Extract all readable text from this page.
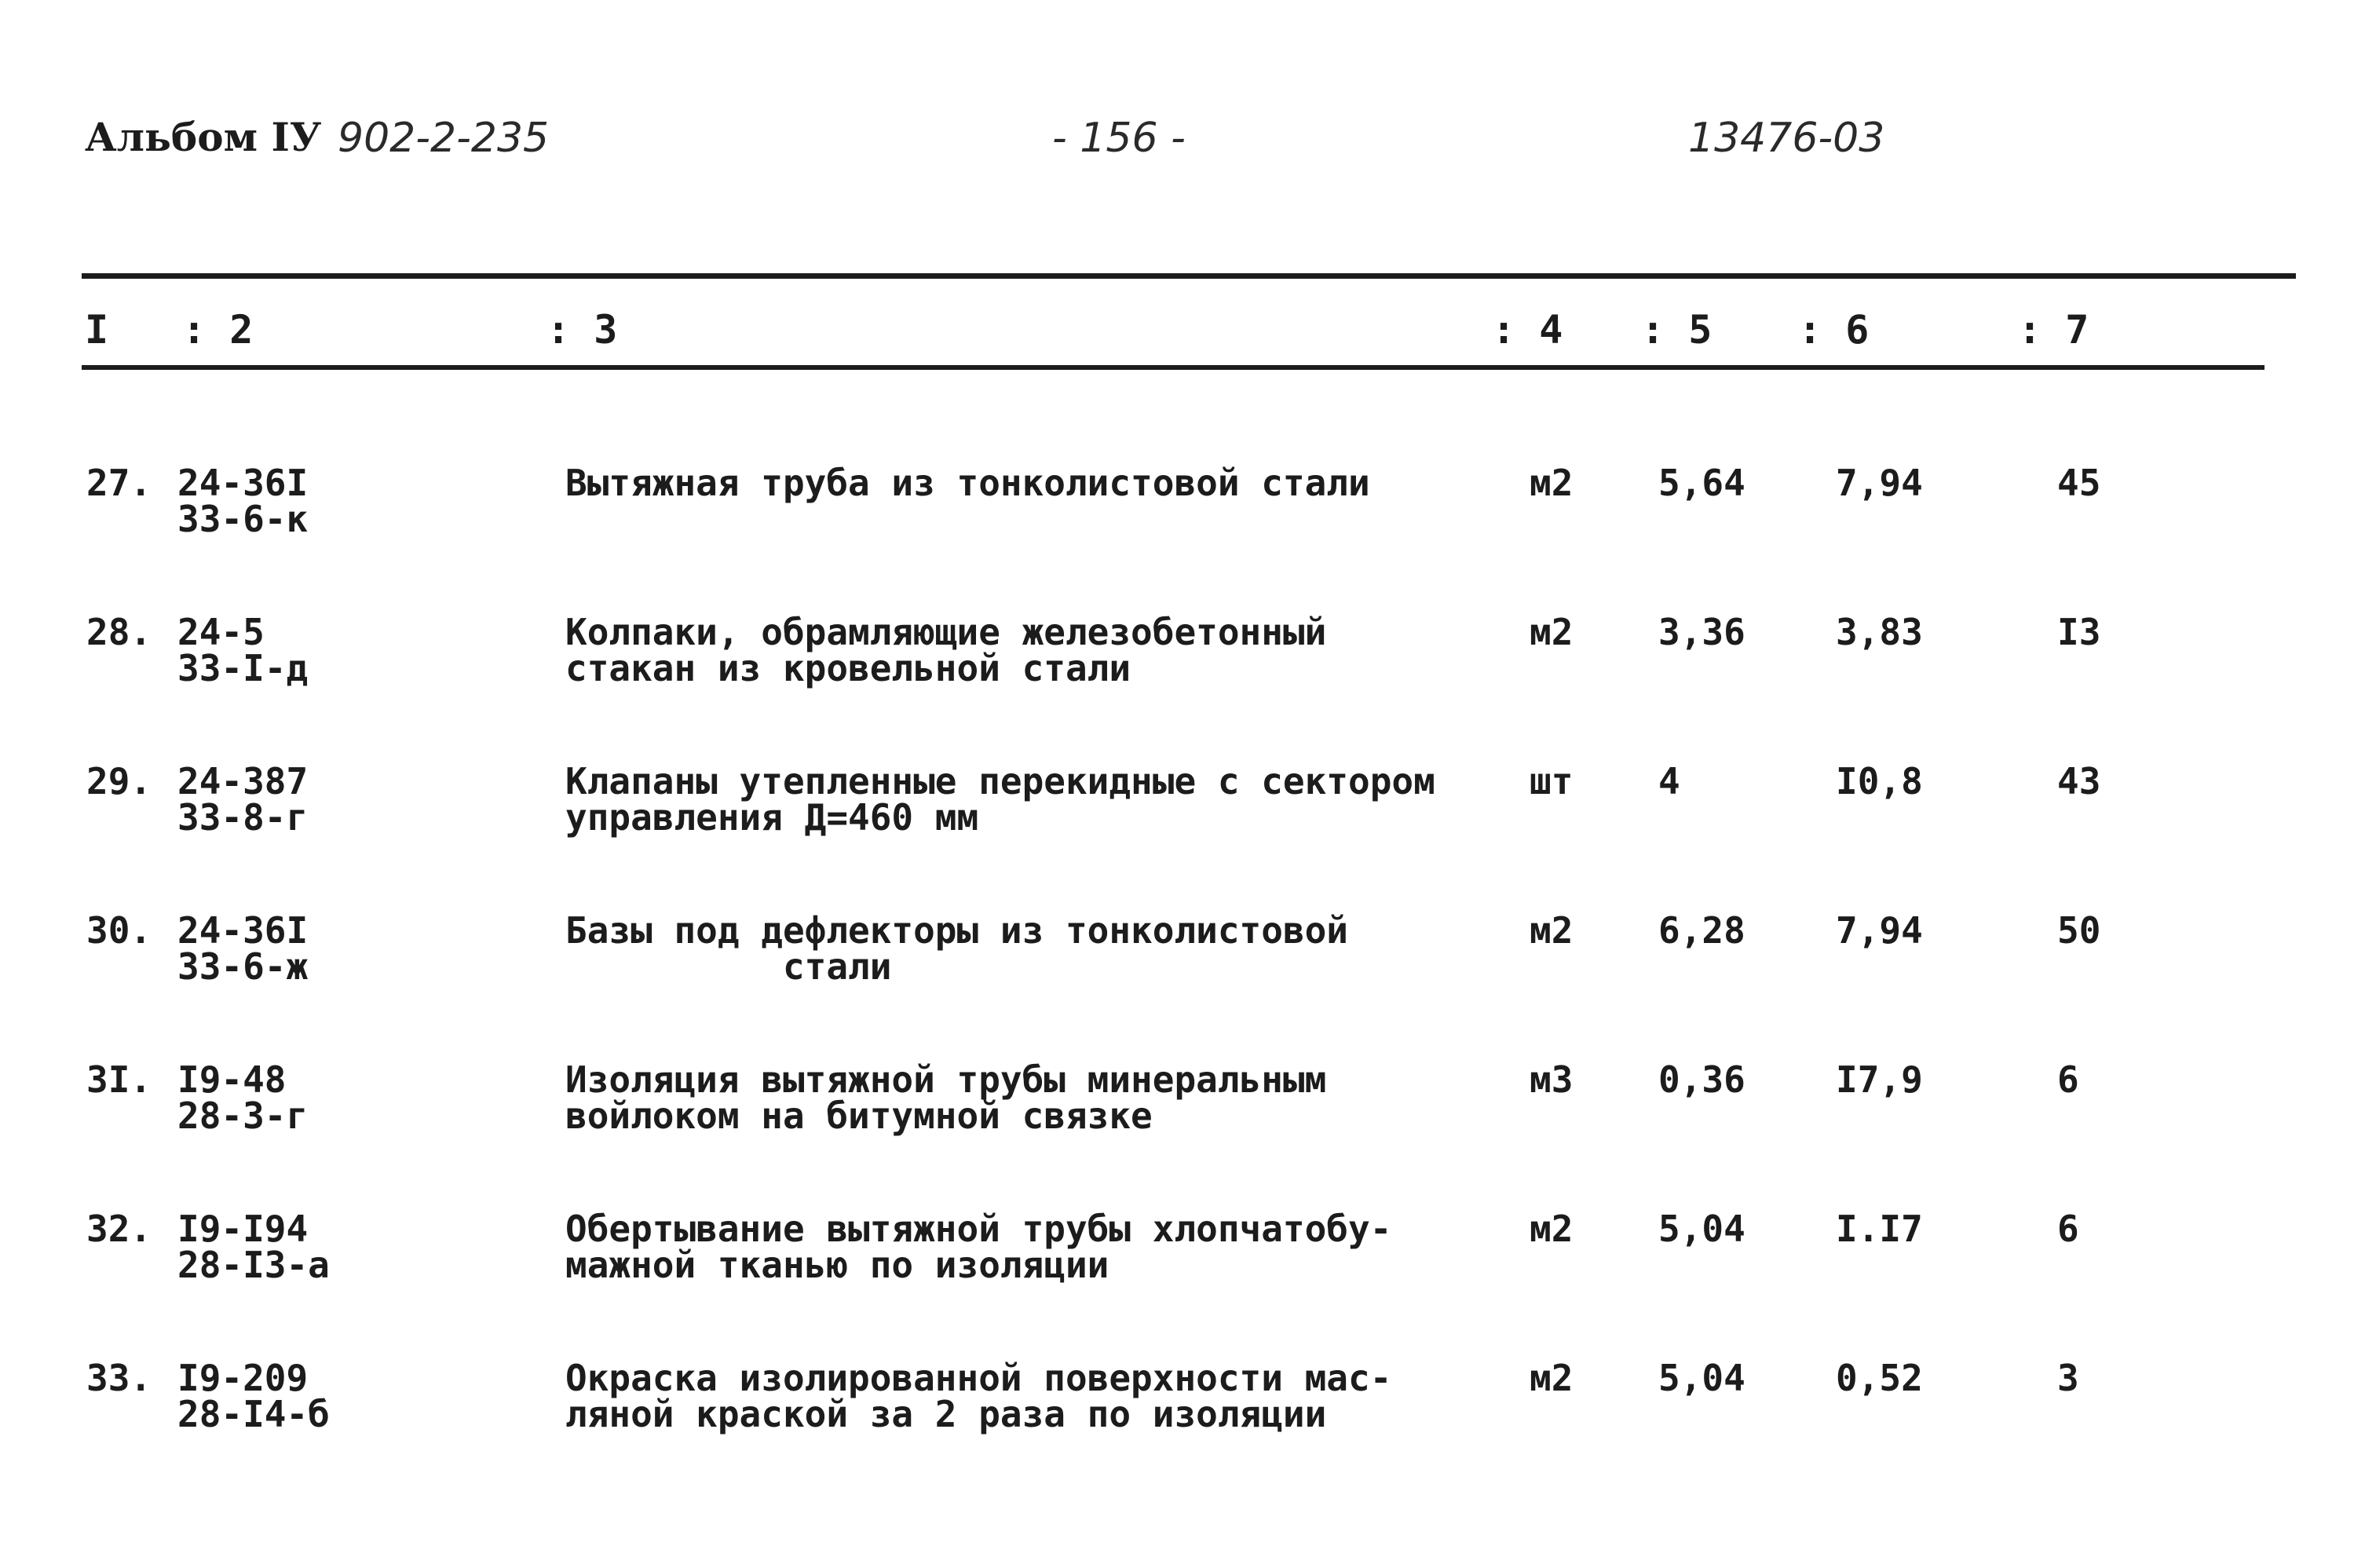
Альбом IУ 902-2-235	- 156 -	13476-03
I : 2	: 3	: 4 : 5 : 6	: 7
27. 24-36I
33-6-к
Вытяжная труба из тонколистовой стали	м2 5,64	7,94	45
28. 24-5
33-I-д
Колпаки, обрамляющие железобетонный
стакан из кровельной стали
м2 3,36	3,83	I3
29. 24-387
33-8-г
Клапаны утепленные перекидные с сектором
управления Д=460 мм
шт 4	I0,8	43
30. 24-36I
33-6-ж
Базы под дефлекторы из тонколистовой
стали
м2 6,28	7,94	50
3I. I9-48
28-3-г
Изоляция вытяжной трубы минеральным
войлоком на битумной связке
м3 0,36	I7,9	6
32. I9-I94
28-I3-а
Обертывание вытяжной трубы хлопчатобу-
мажной тканью по изоляции
м2 5,04	I.I7	6
33. I9-209
28-I4-б
Окраска изолированной поверхности мас-
ляной краской за 2 раза по изоляции
м2 5,04	0,52	3
